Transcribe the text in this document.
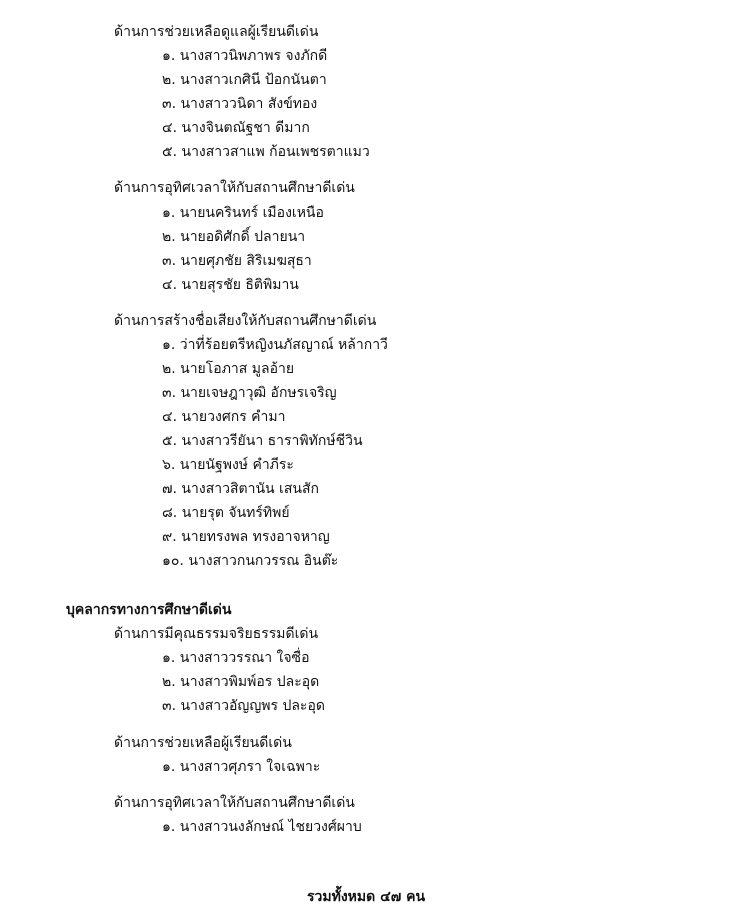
ด้านการช่วยเหลือดูแลผู้เรียนดีเด่น
๑. นางสาวนิพภาพร จงภักดี
๒. นางสาวเกศินี ป้อกนันตา
๓. นางสาววนิดา สังข์ทอง
๔. นางจินตณัฐชา ดีมาก
๕. นางสาวสาแพ ก้อนเพชรตาแมว
ด้านการอุทิศเวลาให้กับสถานศึกษาดีเด่น
๑. นายนครินทร์ เมืองเหนือ
๒. นายอดิศักดิ์ ปลายนา
๓. นายศุภชัย สิริเมฆสุธา
๔. นายสุรชัย ธิติพิมาน
ด้านการสร้างชื่อเสียงให้กับสถานศึกษาดีเด่น
๑. ว่าที่ร้อยตรีหญิงนภัสญาณ์ หล้ากาวี
๒. นายโอภาส มูลอ้าย
๓. นายเจษฎาวุฒิ อักษรเจริญ
๔. นายวงศกร คำมา
๕. นางสาวรียันา ธาราพิทักษ์ชีวิน
๖. นายนัฐพงษ์ คำภีระ
๗. นางสาวสิตานัน เสนสัก
๘. นายรุต จันทร์ทิพย์
๙. นายทรงพล ทรงอาจหาญ
๑๐. นางสาวกนกวรรณ อินต๊ะ
บุคลากรทางการศึกษาดีเด่น
ด้านการมีคุณธรรมจริยธรรมดีเด่น
๑. นางสาววรรณา ใจซื่อ
๒. นางสาวพิมพ์อร ปละอุด
๓. นางสาวอัญญพร ปละอุด
ด้านการช่วยเหลือผู้เรียนดีเด่น
๑. นางสาวศุภรา ใจเฉพาะ
ด้านการอุทิศเวลาให้กับสถานศึกษาดีเด่น
๑. นางสาวนงลักษณ์ ไชยวงศ์ผาบ
รวมทั้งหมด ๔๗ คน
